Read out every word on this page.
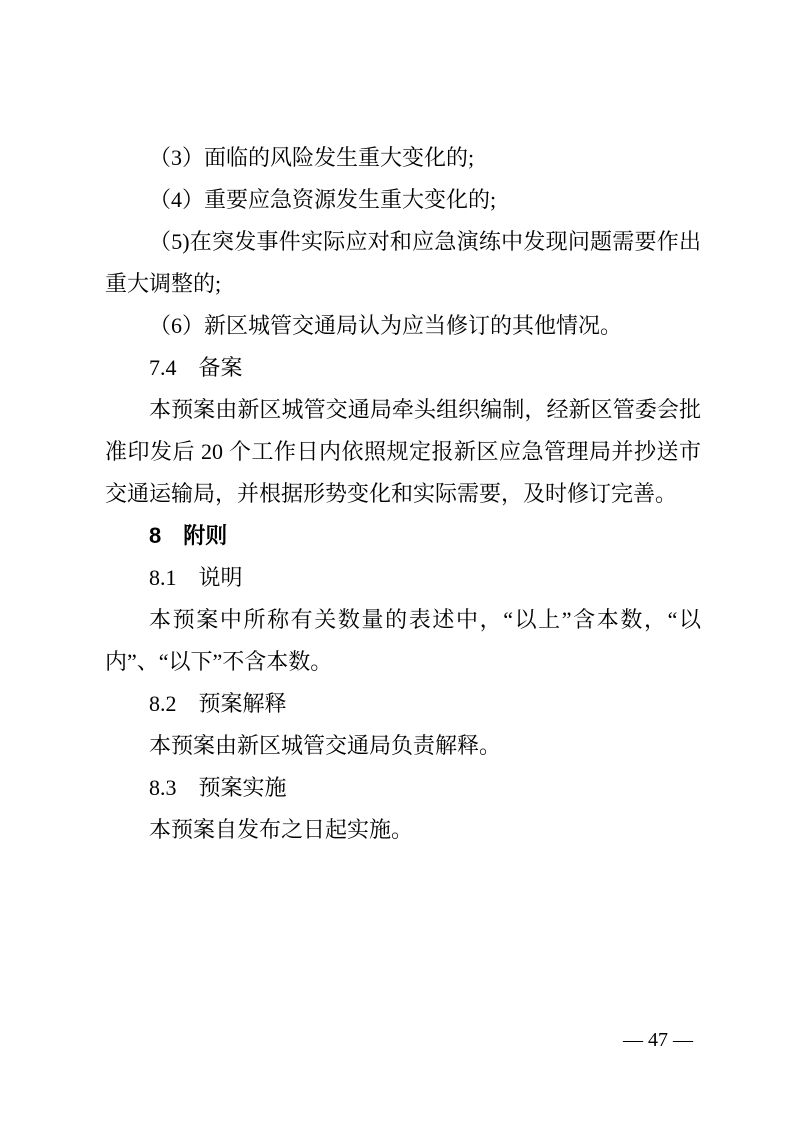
（3）面临的风险发生重大变化的;

（4）重要应急资源发生重大变化的;

（5)在突发事件实际应对和应急演练中发现问题需要作出重大调整的;

（6）新区城管交通局认为应当修订的其他情况。

7.4　备案

本预案由新区城管交通局牵头组织编制，经新区管委会批准印发后 20 个工作日内依照规定报新区应急管理局并抄送市交通运输局，并根据形势变化和实际需要，及时修订完善。

8　附则

8.1　说明

本预案中所称有关数量的表述中，“以上”含本数，“以内”、“以下”不含本数。

8.2　预案解释

本预案由新区城管交通局负责解释。

8.3　预案实施

本预案自发布之日起实施。

— 47 —
